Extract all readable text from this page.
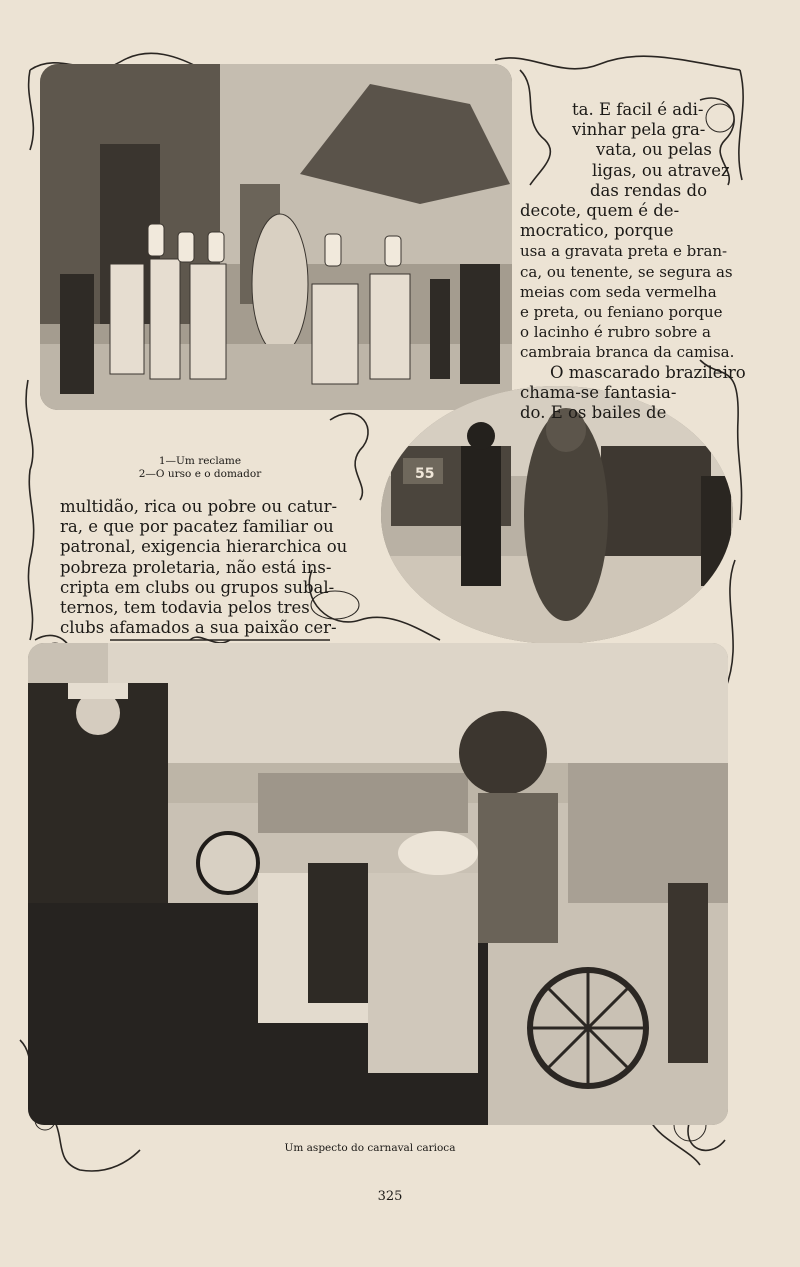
55
ta. E facil é adi-
vinhar pela gra-
vata, ou pelas
ligas, ou atravez
das rendas do
decote, quem é de-
mocratico, porque
usa a gravata preta e bran-
ca, ou tenente, se segura as
meias com seda vermelha
e preta, ou feniano porque
o lacinho é rubro sobre a
cambraia branca da camisa.
O mascarado brazileiro
chama-se fantasia-
do. E os bailes de
1—Um reclame
2—O urso e o domador
multidão, rica ou pobre ou catur-
ra, e que por pacatez familiar ou
patronal, exigencia hierarchica ou
pobreza proletaria, não está ins-
cripta em clubs ou grupos subal-
ternos, tem todavia pelos tres
clubs afamados a sua paixão cer-
Um aspecto do carnaval carioca
325
